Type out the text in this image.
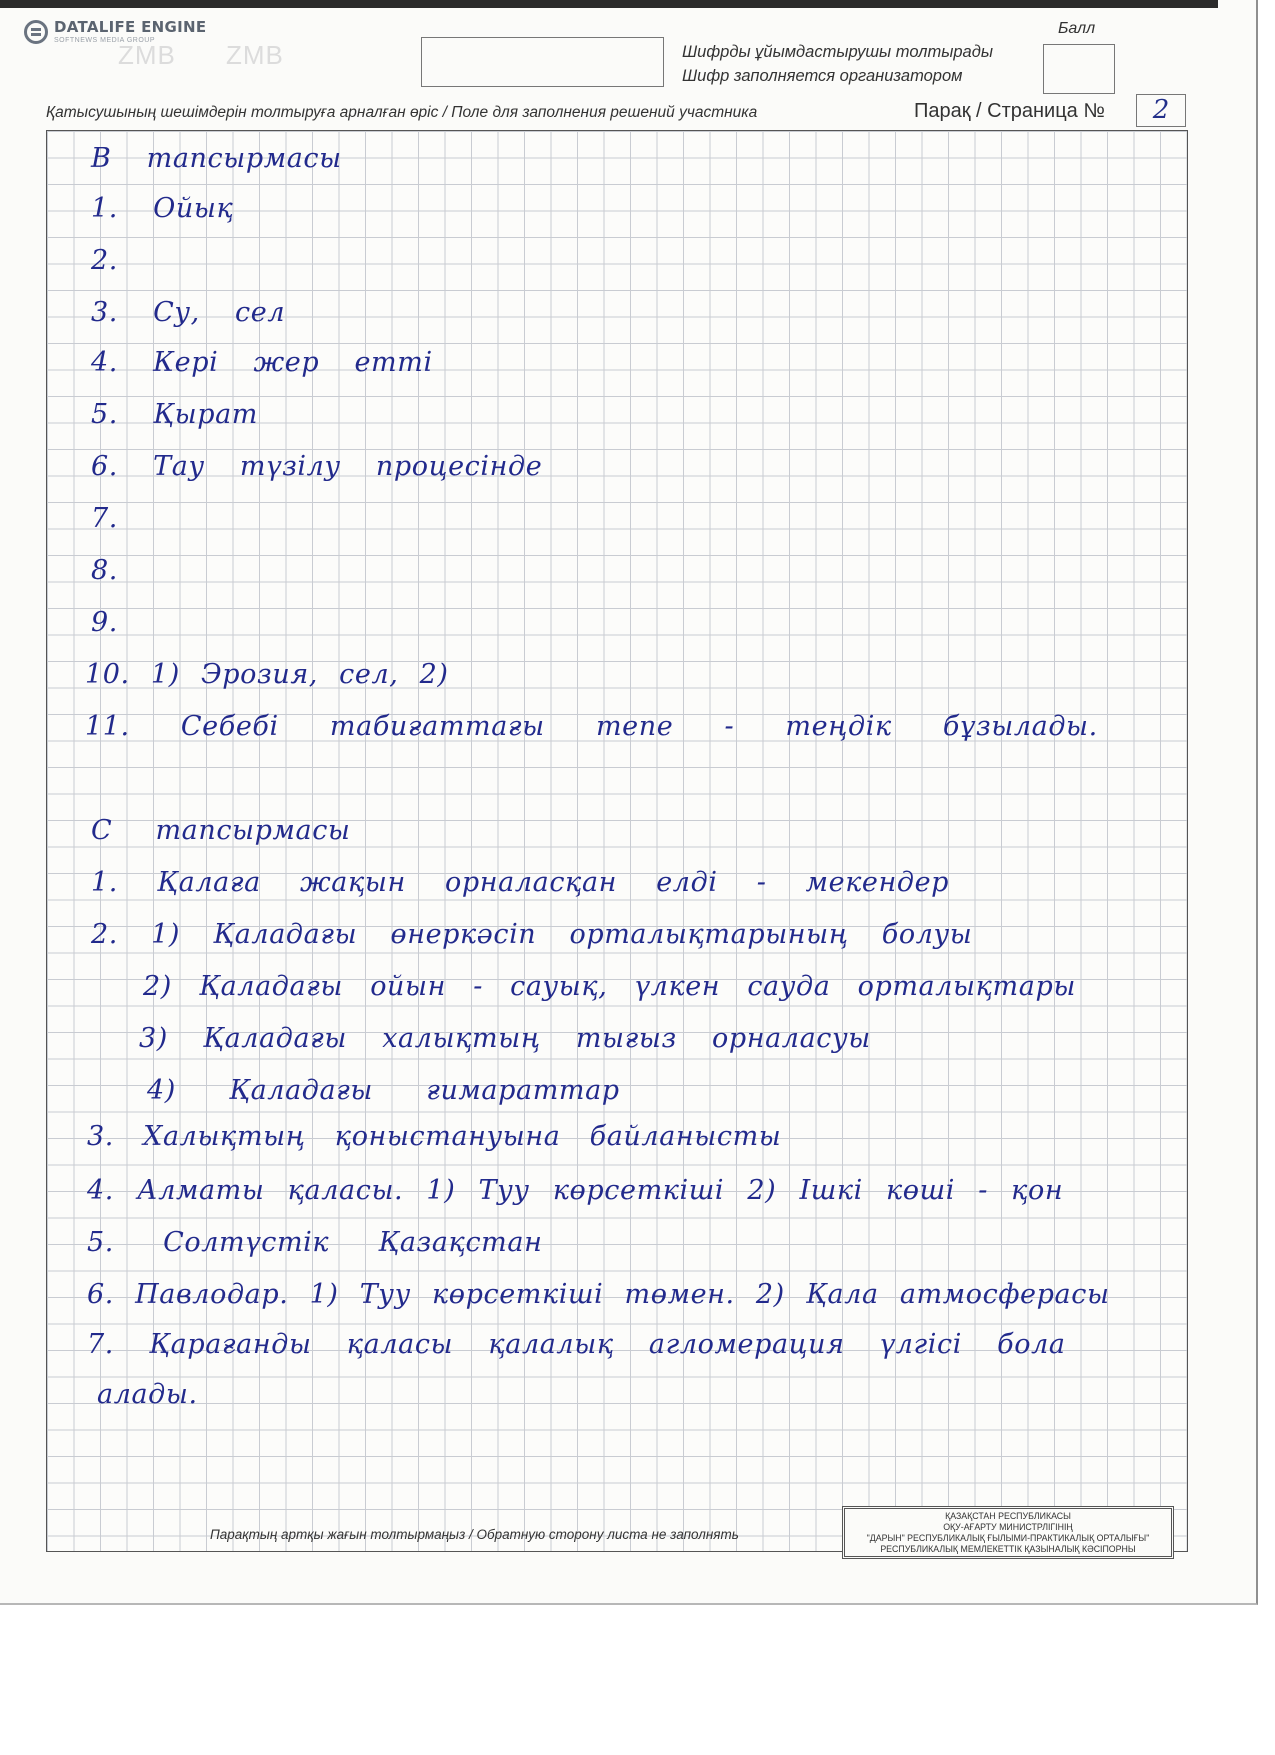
DATALIFE ENGINE
SOFTNEWS MEDIA GROUP
ZMB ZMB	Шифрды ұйымдастырушы толтырады
Шифр заполняется организатором
Балл
Қатысушының шешімдерін толтыруға арналған өріс / Поле для заполнения решений участника	Парақ / Страница №	2
В тапсырмасы
1. Ойық
2.
3. Су, сел
4. Кері жер етті
5. Қырат
6. Тау түзілу процесінде
7.
8.
9.
10. 1) Эрозия, сел, 2)
11. Себебі табиғаттағы тепе - теңдік бұзылады.
С тапсырмасы
1. Қалаға жақын орналасқан елді - мекендер
2. 1) Қаладағы өнеркәсіп орталықтарының болуы
2) Қаладағы ойын - сауық, үлкен сауда орталықтары
3) Қаладағы халықтың тығыз орналасуы
4) Қаладағы ғимараттар
3. Халықтың қоныстануына байланысты
4. Алматы қаласы. 1) Туу көрсеткіші 2) Ішкі көші - қон
5. Солтүстік Қазақстан
6. Павлодар. 1) Туу көрсеткіші төмен. 2) Қала атмосферасы
7. Қарағанды қаласы қалалық агломерация үлгісі бола
алады.
Парақтың артқы жағын толтырмаңыз / Обратную сторону листа не заполнять
ҚАЗАҚСТАН РЕСПУБЛИКАСЫ
ОҚУ-АҒАРТУ МИНИСТРЛІГІНІҢ
"ДАРЫН" РЕСПУБЛИКАЛЫҚ ҒЫЛЫМИ-ПРАКТИКАЛЫҚ ОРТАЛЫҒЫ"
РЕСПУБЛИКАЛЫҚ МЕМЛЕКЕТТІК ҚАЗЫНАЛЫҚ КӘСІПОРНЫ
